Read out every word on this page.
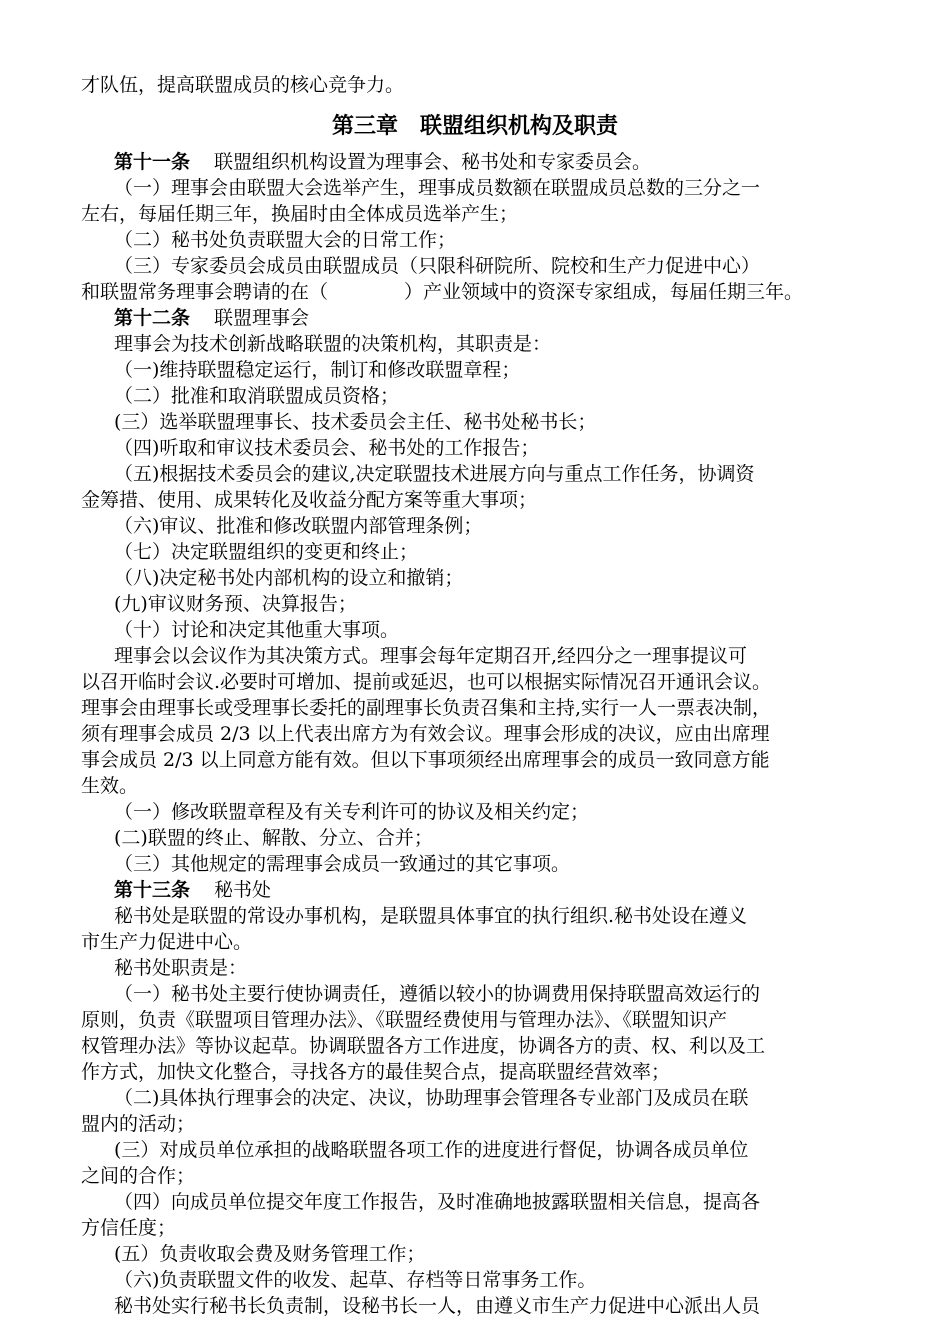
才队伍，提高联盟成员的核心竞争力。
第三章　联盟组织机构及职责
第十一条 联盟组织机构设置为理事会、秘书处和专家委员会。
（一）理事会由联盟大会选举产生，理事成员数额在联盟成员总数的三分之一
左右，每届任期三年，换届时由全体成员选举产生；
（二）秘书处负责联盟大会的日常工作；
（三）专家委员会成员由联盟成员（只限科研院所、院校和生产力促进中心）
和联盟常务理事会聘请的在（　　　　）产业领域中的资深专家组成，每届任期三年。
第十二条 联盟理事会
理事会为技术创新战略联盟的决策机构，其职责是：
（一)维持联盟稳定运行，制订和修改联盟章程；
（二）批准和取消联盟成员资格；
(三）选举联盟理事长、技术委员会主任、秘书处秘书长；
（四)听取和审议技术委员会、秘书处的工作报告；
（五)根据技术委员会的建议,决定联盟技术进展方向与重点工作任务，协调资
金筹措、使用、成果转化及收益分配方案等重大事项；
（六)审议、批准和修改联盟内部管理条例；
（七）决定联盟组织的变更和终止；
（八)决定秘书处内部机构的设立和撤销；
(九)审议财务预、决算报告；
（十）讨论和决定其他重大事项。
理事会以会议作为其决策方式。理事会每年定期召开,经四分之一理事提议可
以召开临时会议.必要时可增加、提前或延迟，也可以根据实际情况召开通讯会议。
理事会由理事长或受理事长委托的副理事长负责召集和主持,实行一人一票表决制，
须有理事会成员 2/3 以上代表出席方为有效会议。理事会形成的决议，应由出席理
事会成员 2/3 以上同意方能有效。但以下事项须经出席理事会的成员一致同意方能
生效。
（一）修改联盟章程及有关专利许可的协议及相关约定；
(二)联盟的终止、解散、分立、合并；
（三）其他规定的需理事会成员一致通过的其它事项。
第十三条 秘书处
秘书处是联盟的常设办事机构，是联盟具体事宜的执行组织.秘书处设在遵义
市生产力促进中心。
秘书处职责是：
（一）秘书处主要行使协调责任，遵循以较小的协调费用保持联盟高效运行的
原则，负责《联盟项目管理办法》、《联盟经费使用与管理办法》、《联盟知识产
权管理办法》等协议起草。协调联盟各方工作进度，协调各方的责、权、利以及工
作方式，加快文化整合，寻找各方的最佳契合点，提高联盟经营效率；
（二)具体执行理事会的决定、决议，协助理事会管理各专业部门及成员在联
盟内的活动；
(三）对成员单位承担的战略联盟各项工作的进度进行督促，协调各成员单位
之间的合作；
（四）向成员单位提交年度工作报告，及时准确地披露联盟相关信息，提高各
方信任度；
(五）负责收取会费及财务管理工作；
（六)负责联盟文件的收发、起草、存档等日常事务工作。
秘书处实行秘书长负责制，设秘书长一人，由遵义市生产力促进中心派出人员
